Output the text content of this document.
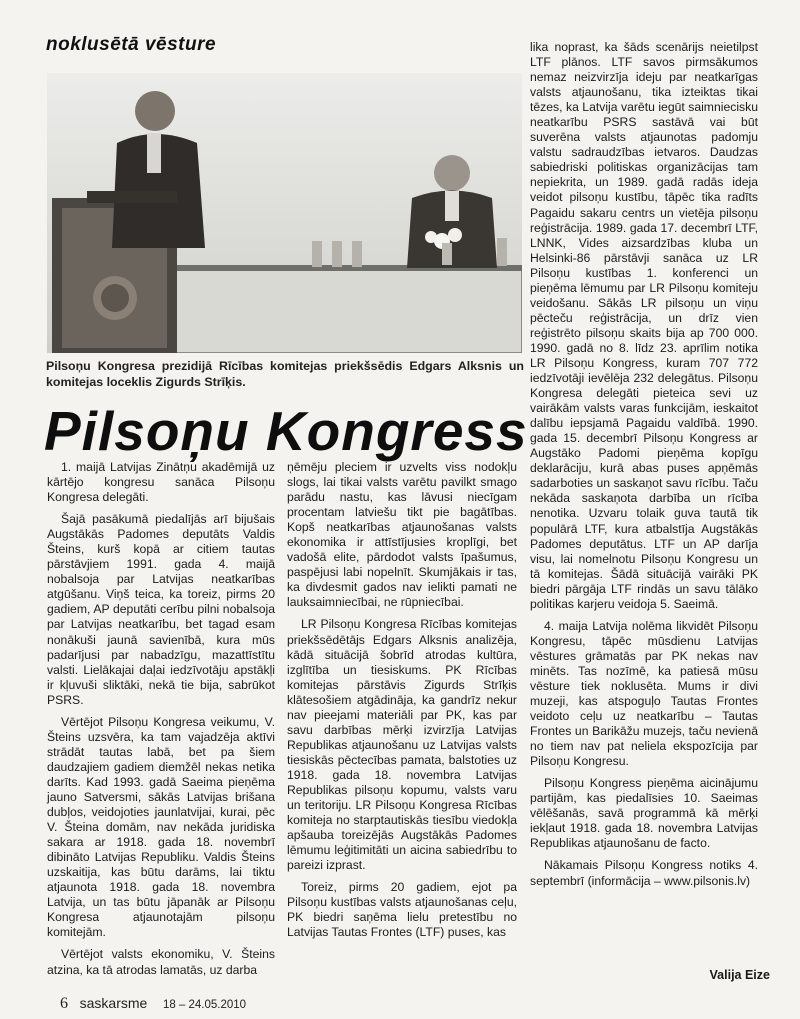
noklusētā vēsture
Pilsoņu Kongresa prezidijā Rīcības komitejas priekšsēdis Edgars Alksnis un komitejas loceklis Zigurds Strīķis.
Pilsoņu Kongress

1. maijā Latvijas Zinātņu akadēmijā uz kārtējo kongresu sanāca Pilsoņu Kongresa delegāti.

Šajā pasākumā piedalījās arī bijušais Augstākās Padomes deputāts Valdis Šteins, kurš kopā ar citiem tautas pārstāvjiem 1991. gada 4. maijā nobalsoja par Latvijas neatkarības atgūšanu. Viņš teica, ka toreiz, pirms 20 gadiem, AP deputāti cerību pilni nobalsoja par Latvijas neatkarību, bet tagad esam nonākuši jaunā savienībā, kura mūs padarījusi par nabadzīgu, mazattīstītu valsti. Lielākajai daļai iedzīvotāju apstākļi ir kļuvuši sliktāki, nekā tie bija, sabrūkot PSRS.

Vērtējot Pilsoņu Kongresa veikumu, V. Šteins uzsvēra, ka tam vajadzēja aktīvi strādāt tautas labā, bet pa šiem daudzajiem gadiem diemžēl nekas netika darīts. Kad 1993. gadā Saeima pieņēma jauno Satversmi, sākās Latvijas brišana dubļos, veidojoties jaunlatvijai, kurai, pēc V. Šteina domām, nav nekāda juridiska sakara ar 1918. gada 18. novembrī dibināto Latvijas Republiku. Valdis Šteins uzskaitija, kas būtu darāms, lai tiktu atjaunota 1918. gada 18. novembra Latvija, un tas būtu jāpanāk ar Pilsoņu Kongresa atjaunotajām pilsoņu komitejām.

Vērtējot valsts ekonomiku, V. Šteins atzina, ka tā atrodas lamatās, uz darba

ņēmēju pleciem ir uzvelts viss nodokļu slogs, lai tikai valsts varētu pavilkt smago parādu nastu, kas lāvusi niecīgam procentam latviešu tikt pie bagātības. Kopš neatkarības atjaunošanas valsts ekonomika ir attīstījusies kroplīgi, bet vadošā elite, pārdodot valsts īpašumus, paspējusi labi nopelnīt. Skumjākais ir tas, ka divdesmit gados nav ielikti pamati ne lauksaimniecībai, ne rūpniecībai.

LR Pilsoņu Kongresa Rīcības komitejas priekšsēdētājs Edgars Alksnis analizēja, kādā situācijā šobrīd atrodas kultūra, izglītība un tiesiskums. PK Rīcības komitejas pārstāvis Zigurds Strīķis klātesošiem atgādināja, ka gandrīz nekur nav pieejami materiāli par PK, kas par savu darbības mērķi izvirzīja Latvijas Republikas atjaunošanu uz Latvijas valsts tiesiskās pēctecības pamata, balstoties uz 1918. gada 18. novembra Latvijas Republikas pilsoņu kopumu, valsts varu un teritoriju. LR Pilsoņu Kongresa Rīcības komiteja no starptautiskās tiesību viedokļa apšauba toreizējās Augstākās Padomes lēmumu leģitimitāti un aicina sabiedrību to pareizi izprast.

Toreiz, pirms 20 gadiem, ejot pa Pilsoņu kustības valsts atjaunošanas ceļu, PK biedri saņēma lielu pretestību no Latvijas Tautas Frontes (LTF) puses, kas

lika noprast, ka šāds scenārijs neietilpst LTF plānos. LTF savos pirmsākumos nemaz neizvirzīja ideju par neatkarīgas valsts atjaunošanu, tika izteiktas tikai tēzes, ka Latvija varētu iegūt saimniecisku neatkarību PSRS sastāvā vai būt suverēna valsts atjaunotas padomju valstu sadraudzības ietvaros. Daudzas sabiedriski politiskas organizācijas tam nepiekrita, un 1989. gadā radās ideja veidot pilsoņu kustību, tāpēc tika radīts Pagaidu sakaru centrs un vietēja pilsoņu reģistrācija. 1989. gada 17. decembrī LTF, LNNK, Vides aizsardzības kluba un Helsinki-86 pārstāvji sanāca uz LR Pilsoņu kustības 1. konferenci un pieņēma lēmumu par LR Pilsoņu komiteju veidošanu. Sākās LR pilsoņu un viņu pēcteču reģistrācija, un drīz vien reģistrēto pilsoņu skaits bija ap 700 000. 1990. gadā no 8. līdz 23. aprīlim notika LR Pilsoņu Kongress, kuram 707 772 iedzīvotāji ievēlēja 232 delegātus. Pilsoņu Kongresa delegāti pieteica sevi uz vairākām valsts varas funkcijām, ieskaitot dalību iepsjamā Pagaidu valdībā. 1990. gada 15. decembrī Pilsoņu Kongress ar Augstāko Padomi pieņēma kopīgu deklarāciju, kurā abas puses apņēmās sadarboties un saskaņot savu rīcību. Taču nekāda saskaņota darbība un rīcība nenotika. Uzvaru tolaik guva tautā tik populārā LTF, kura atbalstīja Augstākās Padomes deputātus. LTF un AP darīja visu, lai nomelnotu Pilsoņu Kongresu un tā komitejas. Šādā situācijā vairāki PK biedri pārgāja LTF rindās un savu tālāko politikas karjeru veidoja 5. Saeimā.

4. maija Latvija nolēma likvidēt Pilsoņu Kongresu, tāpēc mūsdienu Latvijas vēstures grāmatās par PK nekas nav minēts. Tas nozīmē, ka patiesā mūsu vēsture tiek noklusēta. Mums ir divi muzeji, kas atspoguļo Tautas Frontes veidoto ceļu uz neatkarību – Tautas Frontes un Barikāžu muzejs, taču nevienā no tiem nav pat neliela ekspozīcija par Pilsoņu Kongresu.

Pilsoņu Kongress pieņēma aicinājumu partijām, kas piedalīsies 10. Saeimas vēlēšanās, savā programmā kā mērķi iekļaut 1918. gada 18. novembra Latvijas Republikas atjaunošanu de facto.

Nākamais Pilsoņu Kongress notiks 4. septembrī (informācija – www.pilsonis.lv)

Valija Eize
6 saskarsme 18 – 24.05.2010
